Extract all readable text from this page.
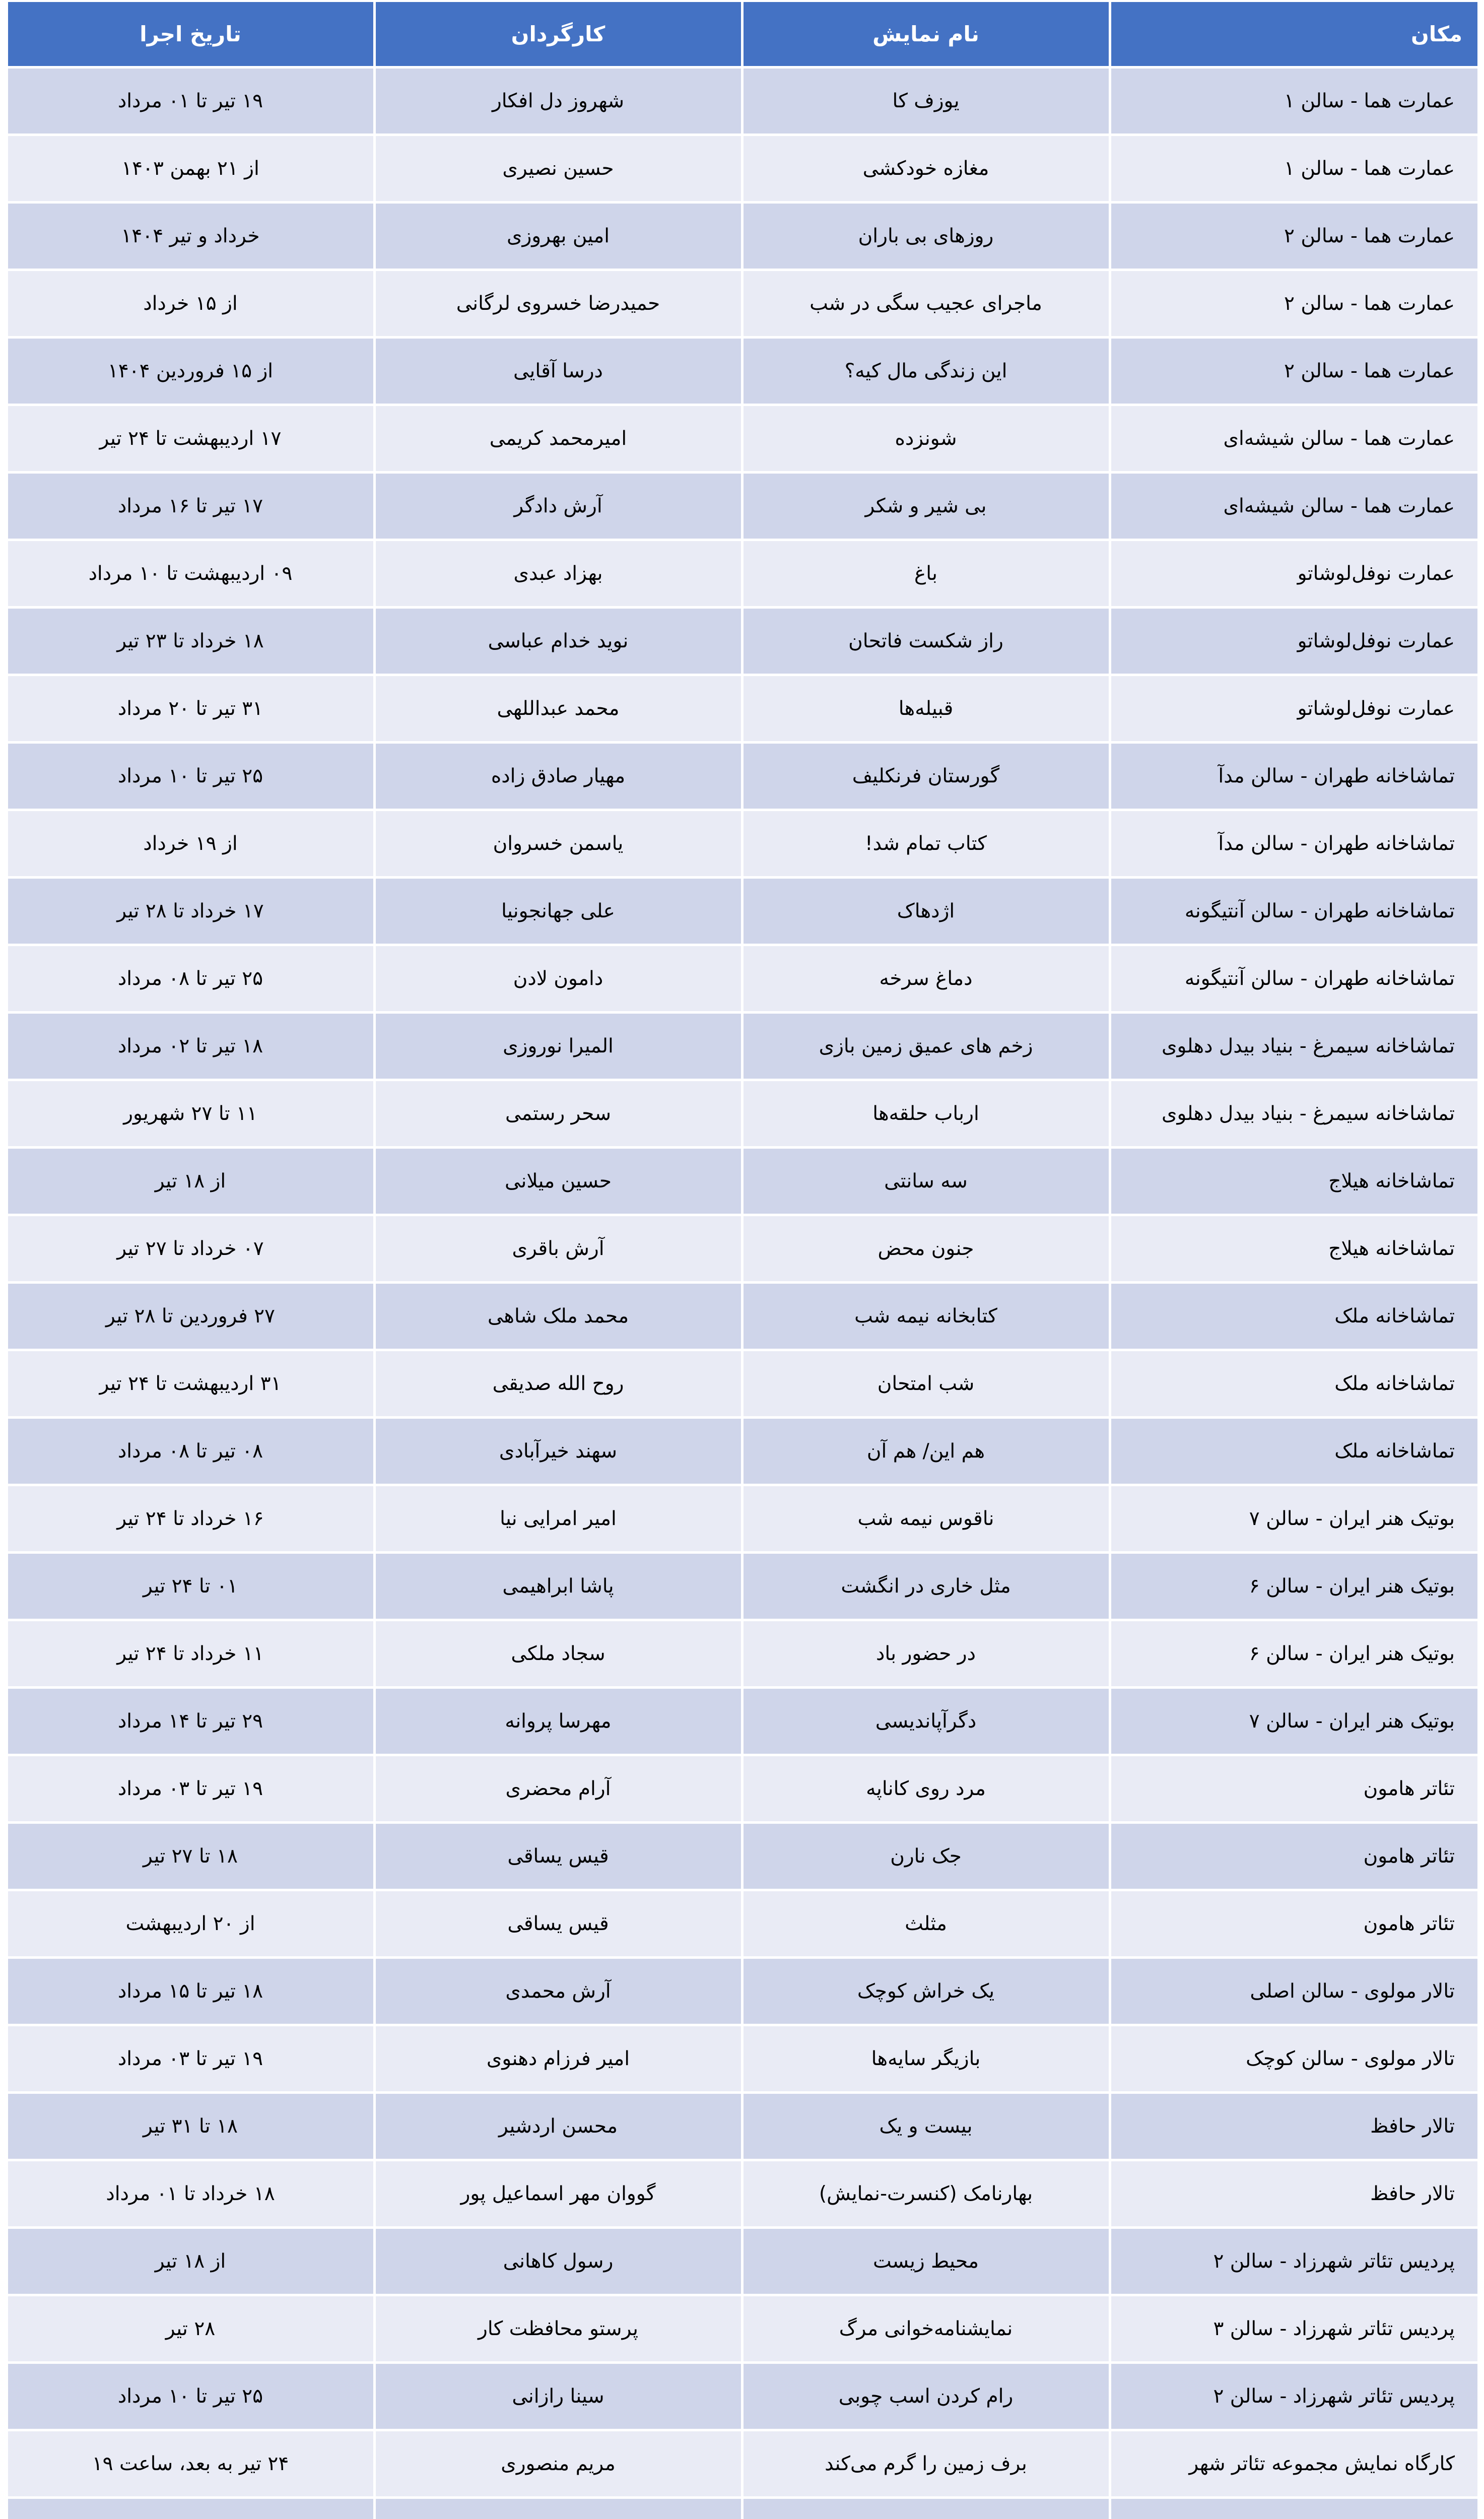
مکان	نام نمایش	کارگردان	تاریخ اجرا
عمارت هما - سالن ۱	یوزف کا	شهروز دل افکار	۱۹ تیر تا ۰۱ مرداد
عمارت هما - سالن ۱	مغازه خودکشی	حسین نصیری	از ۲۱ بهمن ۱۴۰۳
عمارت هما - سالن ۲	روزهای بی باران	امین بهروزی	خرداد و تیر ۱۴۰۴
عمارت هما - سالن ۲	ماجرای عجیب سگی در شب	حمیدرضا خسروی لرگانی	از ۱۵ خرداد
عمارت هما - سالن ۲	این زندگی مال کیه؟	درسا آقایی	از ۱۵ فروردین ۱۴۰۴
عمارت هما - سالن شیشه‌ای	شونزده	امیرمحمد کریمی	۱۷ اردیبهشت تا ۲۴ تیر
عمارت هما - سالن شیشه‌ای	بی شیر و شکر	آرش دادگر	۱۷ تیر تا ۱۶ مرداد
عمارت نوفل‌لوشاتو	باغ	بهزاد عبدی	۰۹ اردیبهشت تا ۱۰ مرداد
عمارت نوفل‌لوشاتو	راز شکست فاتحان	نوید خدام عباسی	۱۸ خرداد تا ۲۳ تیر
عمارت نوفل‌لوشاتو	قبیله‌ها	محمد عبداللهی	۳۱ تیر تا ۲۰ مرداد
تماشاخانه طهران - سالن مدآ	گورستان فرنکلیف	مهیار صادق زاده	۲۵ تیر تا ۱۰ مرداد
تماشاخانه طهران - سالن مدآ	کتاب تمام شد!	یاسمن خسروان	از ۱۹ خرداد
تماشاخانه طهران - سالن آنتیگونه	اژدهاک	علی جهانجونیا	۱۷ خرداد تا ۲۸ تیر
تماشاخانه طهران - سالن آنتیگونه	دماغ سرخه	دامون لادن	۲۵ تیر تا ۰۸ مرداد
تماشاخانه سیمرغ - بنیاد بیدل دهلوی	زخم های عمیق زمین بازی	المیرا نوروزی	۱۸ تیر تا ۰۲ مرداد
تماشاخانه سیمرغ - بنیاد بیدل دهلوی	ارباب حلقه‌ها	سحر رستمی	۱۱ تا ۲۷ شهریور
تماشاخانه هیلاج	سه سانتی	حسین میلانی	از ۱۸ تیر
تماشاخانه هیلاج	جنون محض	آرش باقری	۰۷ خرداد تا ۲۷ تیر
تماشاخانه ملک	کتابخانه نیمه شب	محمد ملک شاهی	۲۷ فروردین تا ۲۸ تیر
تماشاخانه ملک	شب امتحان	روح الله صدیقی	۳۱ اردیبهشت تا ۲۴ تیر
تماشاخانه ملک	هم این/ هم آن	سهند خیرآبادی	۰۸ تیر تا ۰۸ مرداد
بوتیک هنر ایران - سالن ۷	ناقوس نیمه شب	امیر امرایی نیا	۱۶ خرداد تا ۲۴ تیر
بوتیک هنر ایران - سالن ۶	مثل خاری در انگشت	پاشا ابراهیمی	۰۱ تا ۲۴ تیر
بوتیک هنر ایران - سالن ۶	در حضور باد	سجاد ملکی	۱۱ خرداد تا ۲۴ تیر
بوتیک هنر ایران - سالن ۷	دگرآپاندیسی	مهرسا پروانه	۲۹ تیر تا ۱۴ مرداد
تئاتر هامون	مرد روی کاناپه	آرام محضری	۱۹ تیر تا ۰۳ مرداد
تئاتر هامون	جک نارن	قیس یساقی	۱۸ تا ۲۷ تیر
تئاتر هامون	مثلث	قیس یساقی	از ۲۰ اردیبهشت
تالار مولوی - سالن اصلی	یک خراش کوچک	آرش محمدی	۱۸ تیر تا ۱۵ مرداد
تالار مولوی - سالن کوچک	بازیگر سایه‌ها	امیر فرزام دهنوی	۱۹ تیر تا ۰۳ مرداد
تالار حافظ	بیست و یک	محسن اردشیر	۱۸ تا ۳۱ تیر
تالار حافظ	بهارنامک (کنسرت-نمایش)	گووان مهر اسماعیل پور	۱۸ خرداد تا ۰۱ مرداد
پردیس تئاتر شهرزاد - سالن ۲	محیط زیست	رسول کاهانی	از ۱۸ تیر
پردیس تئاتر شهرزاد - سالن ۳	نمایشنامه‌خوانی مرگ	پرستو محافظت کار	۲۸ تیر
پردیس تئاتر شهرزاد - سالن ۲	رام کردن اسب چوبی	سینا رازانی	۲۵ تیر تا ۱۰ مرداد
کارگاه نمایش مجموعه تئاتر شهر	برف زمین را گرم می‌کند	مریم منصوری	۲۴ تیر به بعد، ساعت ۱۹
